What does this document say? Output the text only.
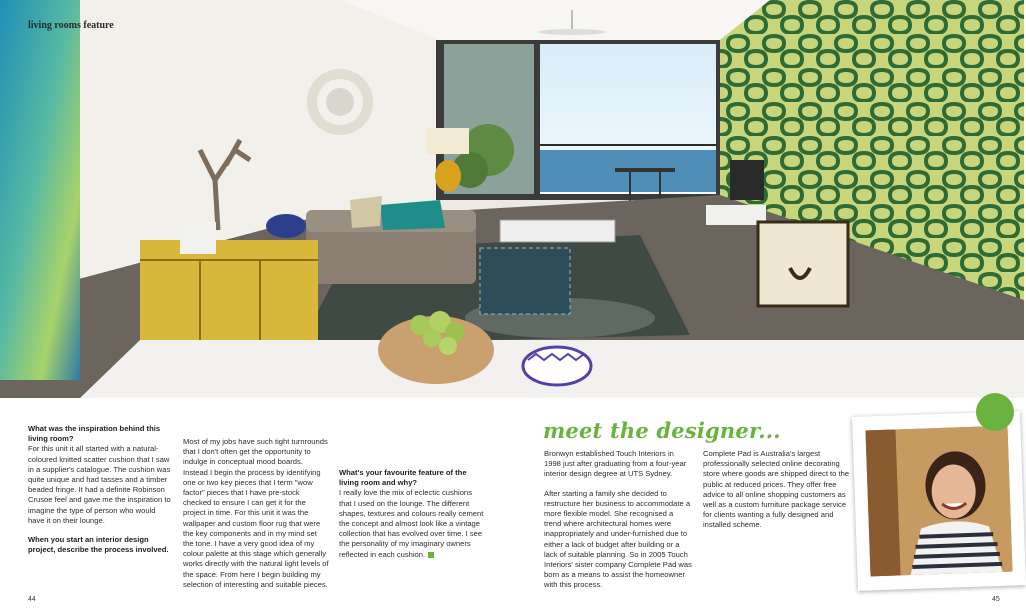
living rooms feature

What was the inspiration behind this living room?
For this unit it all started with a natural-coloured knitted scatter cushion that I saw in a supplier's catalogue. The cushion was quite unique and had tasses and a timber beaded fringe. It had a definite Robinson Crusoe feel and gave me the inspiration to imagine the type of person who would have it on their lounge.

When you start an interior design project, describe the process involved.

Most of my jobs have such tight turnrounds that I don't often get the opportunity to indulge in conceptual mood boards. Instead I begin the process by identifying one or two key pieces that I term "wow factor" pieces that I have pre-stock checked to ensure I can get it for the project in time. For this unit it was the wallpaper and custom floor rug that were the key components and in my mind set the tone. I have a very good idea of my colour palette at this stage which generally works directly with the natural light levels of the space. From here I begin building my selection of interesting and suitable pieces.

What's your favourite feature of the living room and why?
I really love the mix of eclectic cushions that I used on the lounge. The different shapes, textures and colours really cement the concept and almost look like a vintage collection that has evolved over time. I see the personality of my imaginary owners reflected in each cushion.

meet the designer...

Bronwyn established Touch Interiors in 1998 just after graduating from a four-year interior design degree at UTS Sydney.

After starting a family she decided to restructure her business to accommodate a more flexible model. She recognised a trend where architectural homes were inappropriately and under-furnished due to either a lack of budget after building or a lack of suitable planning. So in 2005 Touch Interiors' sister company Complete Pad was born as a means to assist the homeowner with this process.

Complete Pad is Australia's largest professionally selected online decorating store where goods are shipped direct to the public at reduced prices. They offer free advice to all online shopping customers as well as a custom furniture package service for clients wanting a fully designed and installed scheme.

44	45
